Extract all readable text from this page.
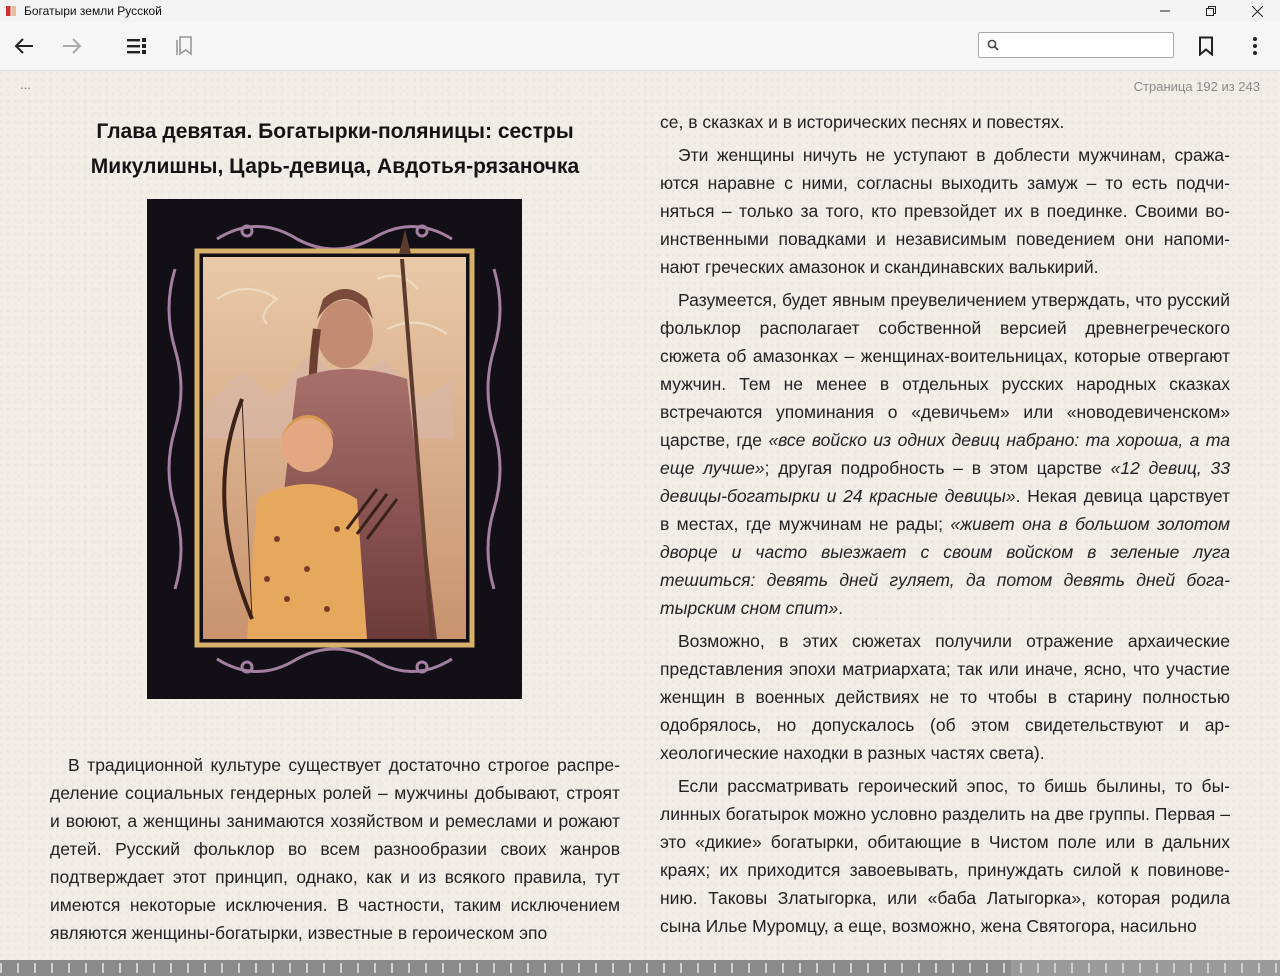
Богатыри земли Русской
...	Страница 192 из 243
Глава девятая. Богатырки-поляницы: сестры Микулишны, Царь-девица, Авдотья-рязаночка

В традиционной культуре существует достаточно строгое распределение социальных гендерных ролей – мужчины добывают, строят и воюют, а женщины занимаются хозяйством и ремеслами и рожают детей. Русский фольклор во всем разнообразии своих жанров подтверждает этот принцип, однако, как и из всякого правила, тут имеются некоторые исключения. В частности, таким исключением являются женщины-богатырки, известные в героическом эпо

се, в сказках и в исторических песнях и повестях.

Эти женщины ничуть не уступают в доблести мужчинам, сражаются наравне с ними, согласны выходить замуж – то есть подчиняться – только за того, кто превзойдет их в поединке. Своими воинственными повадками и независимым поведением они напоминают греческих амазонок и скандинавских валькирий.

Разумеется, будет явным преувеличением утверждать, что русский фольклор располагает собственной версией древнегреческого сюжета об амазонках – женщинах-воительницах, которые отвергают мужчин. Тем не менее в отдельных русских народных сказках встречаются упоминания о «девичьем» или «новодевиченском» царстве, где «все войско из одних девиц набрано: та хороша, а та еще лучше»; другая подробность – в этом царстве «12 девиц, 33 девицы-богатырки и 24 красные девицы». Некая девица царствует в местах, где мужчинам не рады; «живет она в большом золотом дворце и часто выезжает с своим войском в зеленые луга тешиться: девять дней гуляет, да потом девять дней богатырским сном спит».

Возможно, в этих сюжетах получили отражение архаические представления эпохи матриархата; так или иначе, ясно, что участие женщин в военных действиях не то чтобы в старину полностью одобрялось, но допускалось (об этом свидетельствуют и археологические находки в разных частях света).

Если рассматривать героический эпос, то бишь былины, то былинных богатырок можно условно разделить на две группы. Первая – это «дикие» богатырки, обитающие в Чистом поле или в дальних краях; их приходится завоевывать, принуждать силой к повиновению. Таковы Златыгорка, или «баба Латыгорка», которая родила сына Илье Муромцу, а еще, возможно, жена Святогора, насильно
